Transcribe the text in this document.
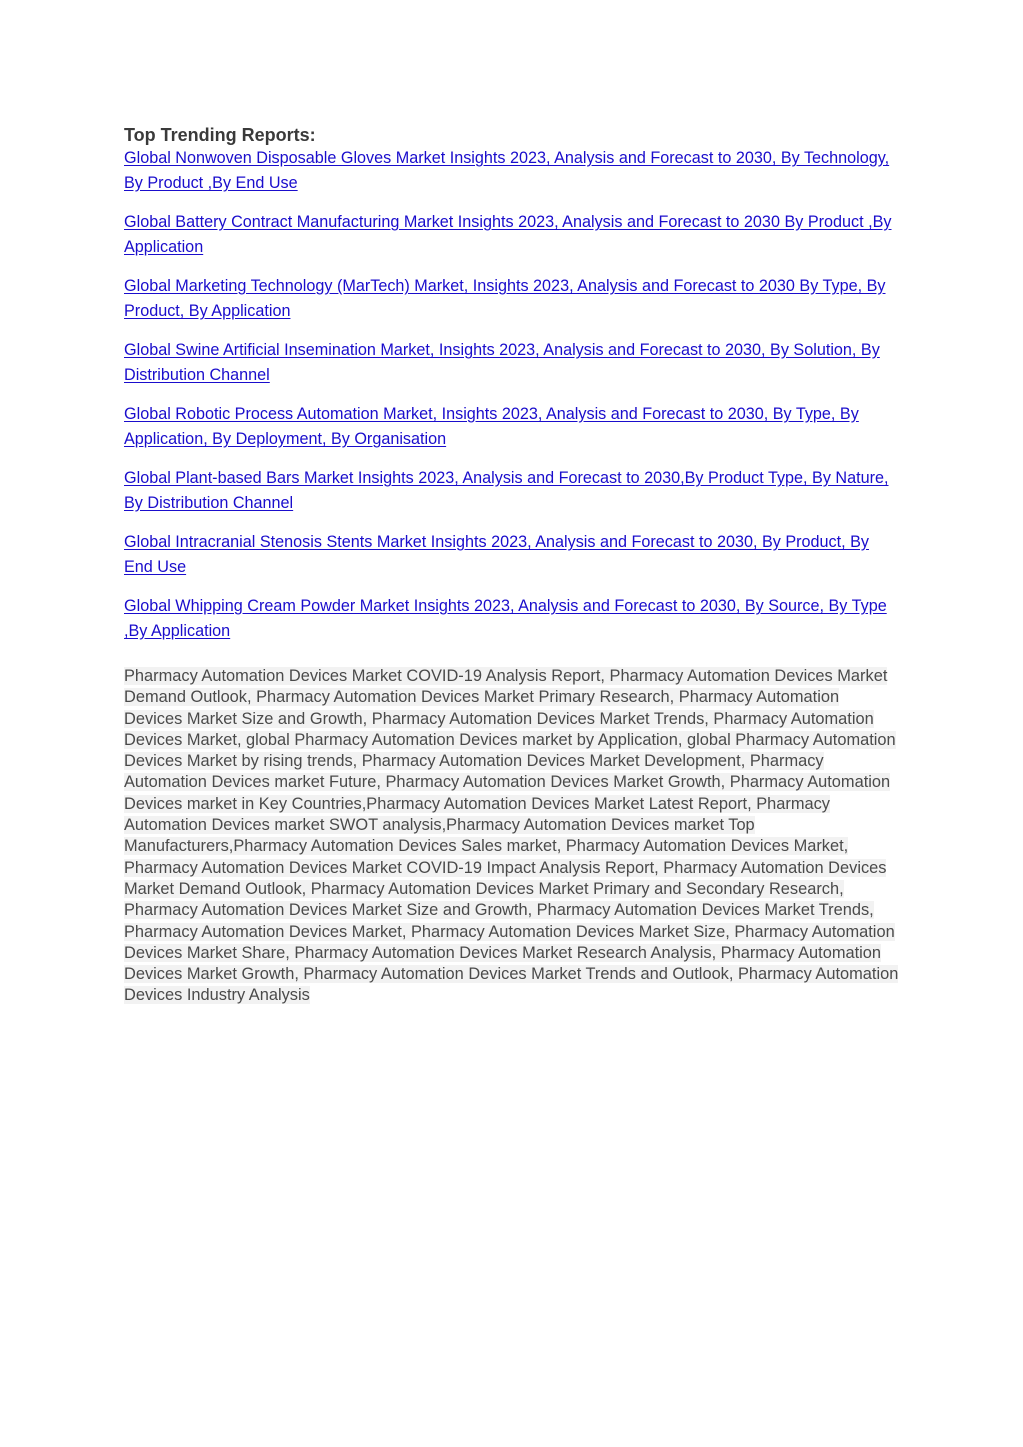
Top Trending Reports:
Global Nonwoven Disposable Gloves Market Insights 2023, Analysis and Forecast to 2030, By Technology, By Product ,By End Use
Global Battery Contract Manufacturing Market Insights 2023, Analysis and Forecast to 2030 By Product ,By Application
Global Marketing Technology (MarTech) Market, Insights 2023, Analysis and Forecast to 2030 By Type, By Product, By Application
Global Swine Artificial Insemination Market, Insights 2023, Analysis and Forecast to 2030, By Solution, By Distribution Channel
Global Robotic Process Automation Market, Insights 2023, Analysis and Forecast to 2030, By Type, By Application, By Deployment, By Organisation
Global Plant-based Bars Market Insights 2023, Analysis and Forecast to 2030,By Product Type, By Nature, By Distribution Channel
Global Intracranial Stenosis Stents Market Insights 2023, Analysis and Forecast to 2030, By Product, By End Use
Global Whipping Cream Powder Market Insights 2023, Analysis and Forecast to 2030, By Source, By Type ,By Application

Pharmacy Automation Devices Market COVID-19 Analysis Report, Pharmacy Automation Devices Market Demand Outlook, Pharmacy Automation Devices Market Primary Research, Pharmacy Automation Devices Market Size and Growth, Pharmacy Automation Devices Market Trends, Pharmacy Automation Devices Market, global Pharmacy Automation Devices market by Application, global Pharmacy Automation Devices Market by rising trends, Pharmacy Automation Devices Market Development, Pharmacy Automation Devices market Future, Pharmacy Automation Devices Market Growth, Pharmacy Automation Devices market in Key Countries,Pharmacy Automation Devices Market Latest Report, Pharmacy Automation Devices market SWOT analysis,Pharmacy Automation Devices market Top Manufacturers,Pharmacy Automation Devices Sales market, Pharmacy Automation Devices Market, Pharmacy Automation Devices Market COVID-19 Impact Analysis Report, Pharmacy Automation Devices Market Demand Outlook, Pharmacy Automation Devices Market Primary and Secondary Research, Pharmacy Automation Devices Market Size and Growth, Pharmacy Automation Devices Market Trends, Pharmacy Automation Devices Market, Pharmacy Automation Devices Market Size, Pharmacy Automation Devices Market Share, Pharmacy Automation Devices Market Research Analysis, Pharmacy Automation Devices Market Growth, Pharmacy Automation Devices Market Trends and Outlook, Pharmacy Automation Devices Industry Analysis
